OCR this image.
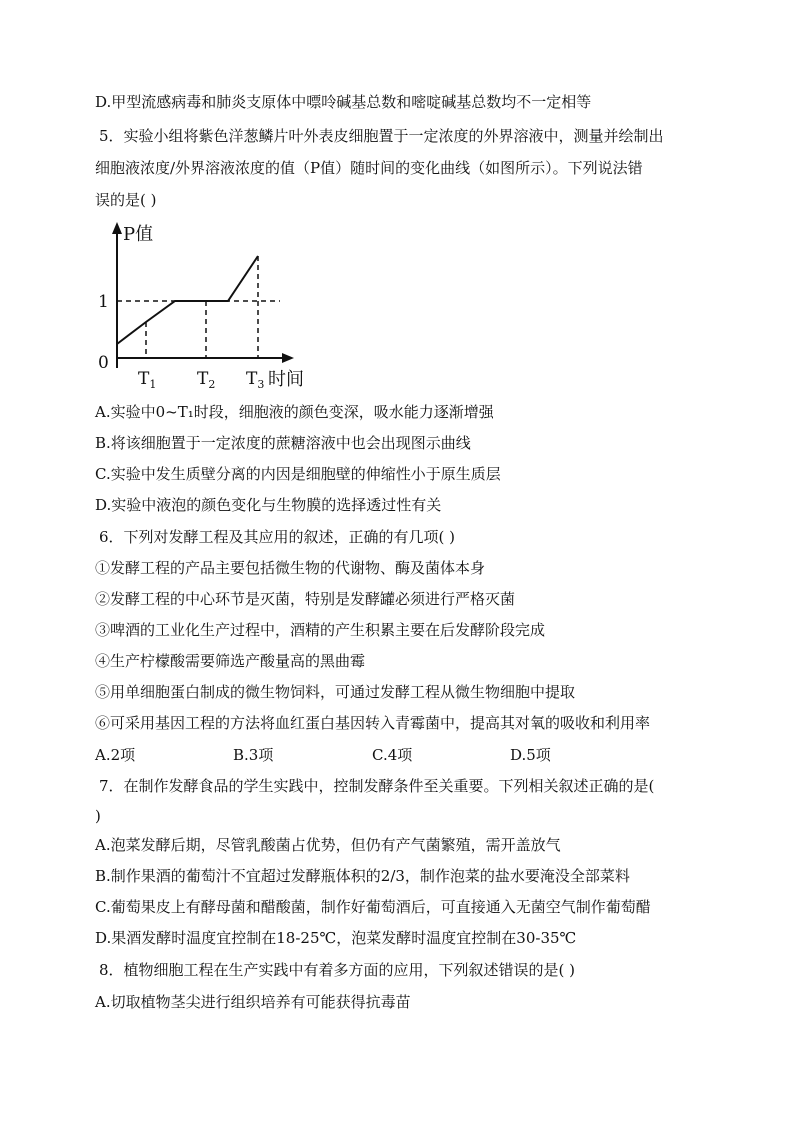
D.甲型流感病毒和肺炎支原体中嘌呤碱基总数和嘧啶碱基总数均不一定相等
5．实验小组将紫色洋葱鳞片叶外表皮细胞置于一定浓度的外界溶液中，测量并绘制出
细胞液浓度/外界溶液浓度的值（P值）随时间的变化曲线（如图所示）。下列说法错
误的是( )
P值
1
0
$T_1$ $T_2$ $T_3$ 时间
A.实验中0~T₁时段，细胞液的颜色变深，吸水能力逐渐增强
B.将该细胞置于一定浓度的蔗糖溶液中也会出现图示曲线
C.实验中发生质壁分离的内因是细胞壁的伸缩性小于原生质层
D.实验中液泡的颜色变化与生物膜的选择透过性有关
6．下列对发酵工程及其应用的叙述，正确的有几项( )
①发酵工程的产品主要包括微生物的代谢物、酶及菌体本身
②发酵工程的中心环节是灭菌，特别是发酵罐必须进行严格灭菌
③啤酒的工业化生产过程中，酒精的产生积累主要在后发酵阶段完成
④生产柠檬酸需要筛选产酸量高的黑曲霉
⑤用单细胞蛋白制成的微生物饲料，可通过发酵工程从微生物细胞中提取
⑥可采用基因工程的方法将血红蛋白基因转入青霉菌中，提高其对氧的吸收和利用率
A.2项	B.3项	C.4项	D.5项
7．在制作发酵食品的学生实践中，控制发酵条件至关重要。下列相关叙述正确的是(
)
A.泡菜发酵后期，尽管乳酸菌占优势，但仍有产气菌繁殖，需开盖放气
B.制作果酒的葡萄汁不宜超过发酵瓶体积的2/3，制作泡菜的盐水要淹没全部菜料
C.葡萄果皮上有酵母菌和醋酸菌，制作好葡萄酒后，可直接通入无菌空气制作葡萄醋
D.果酒发酵时温度宜控制在18-25℃，泡菜发酵时温度宜控制在30-35℃
8．植物细胞工程在生产实践中有着多方面的应用，下列叙述错误的是( )
A.切取植物茎尖进行组织培养有可能获得抗毒苗
